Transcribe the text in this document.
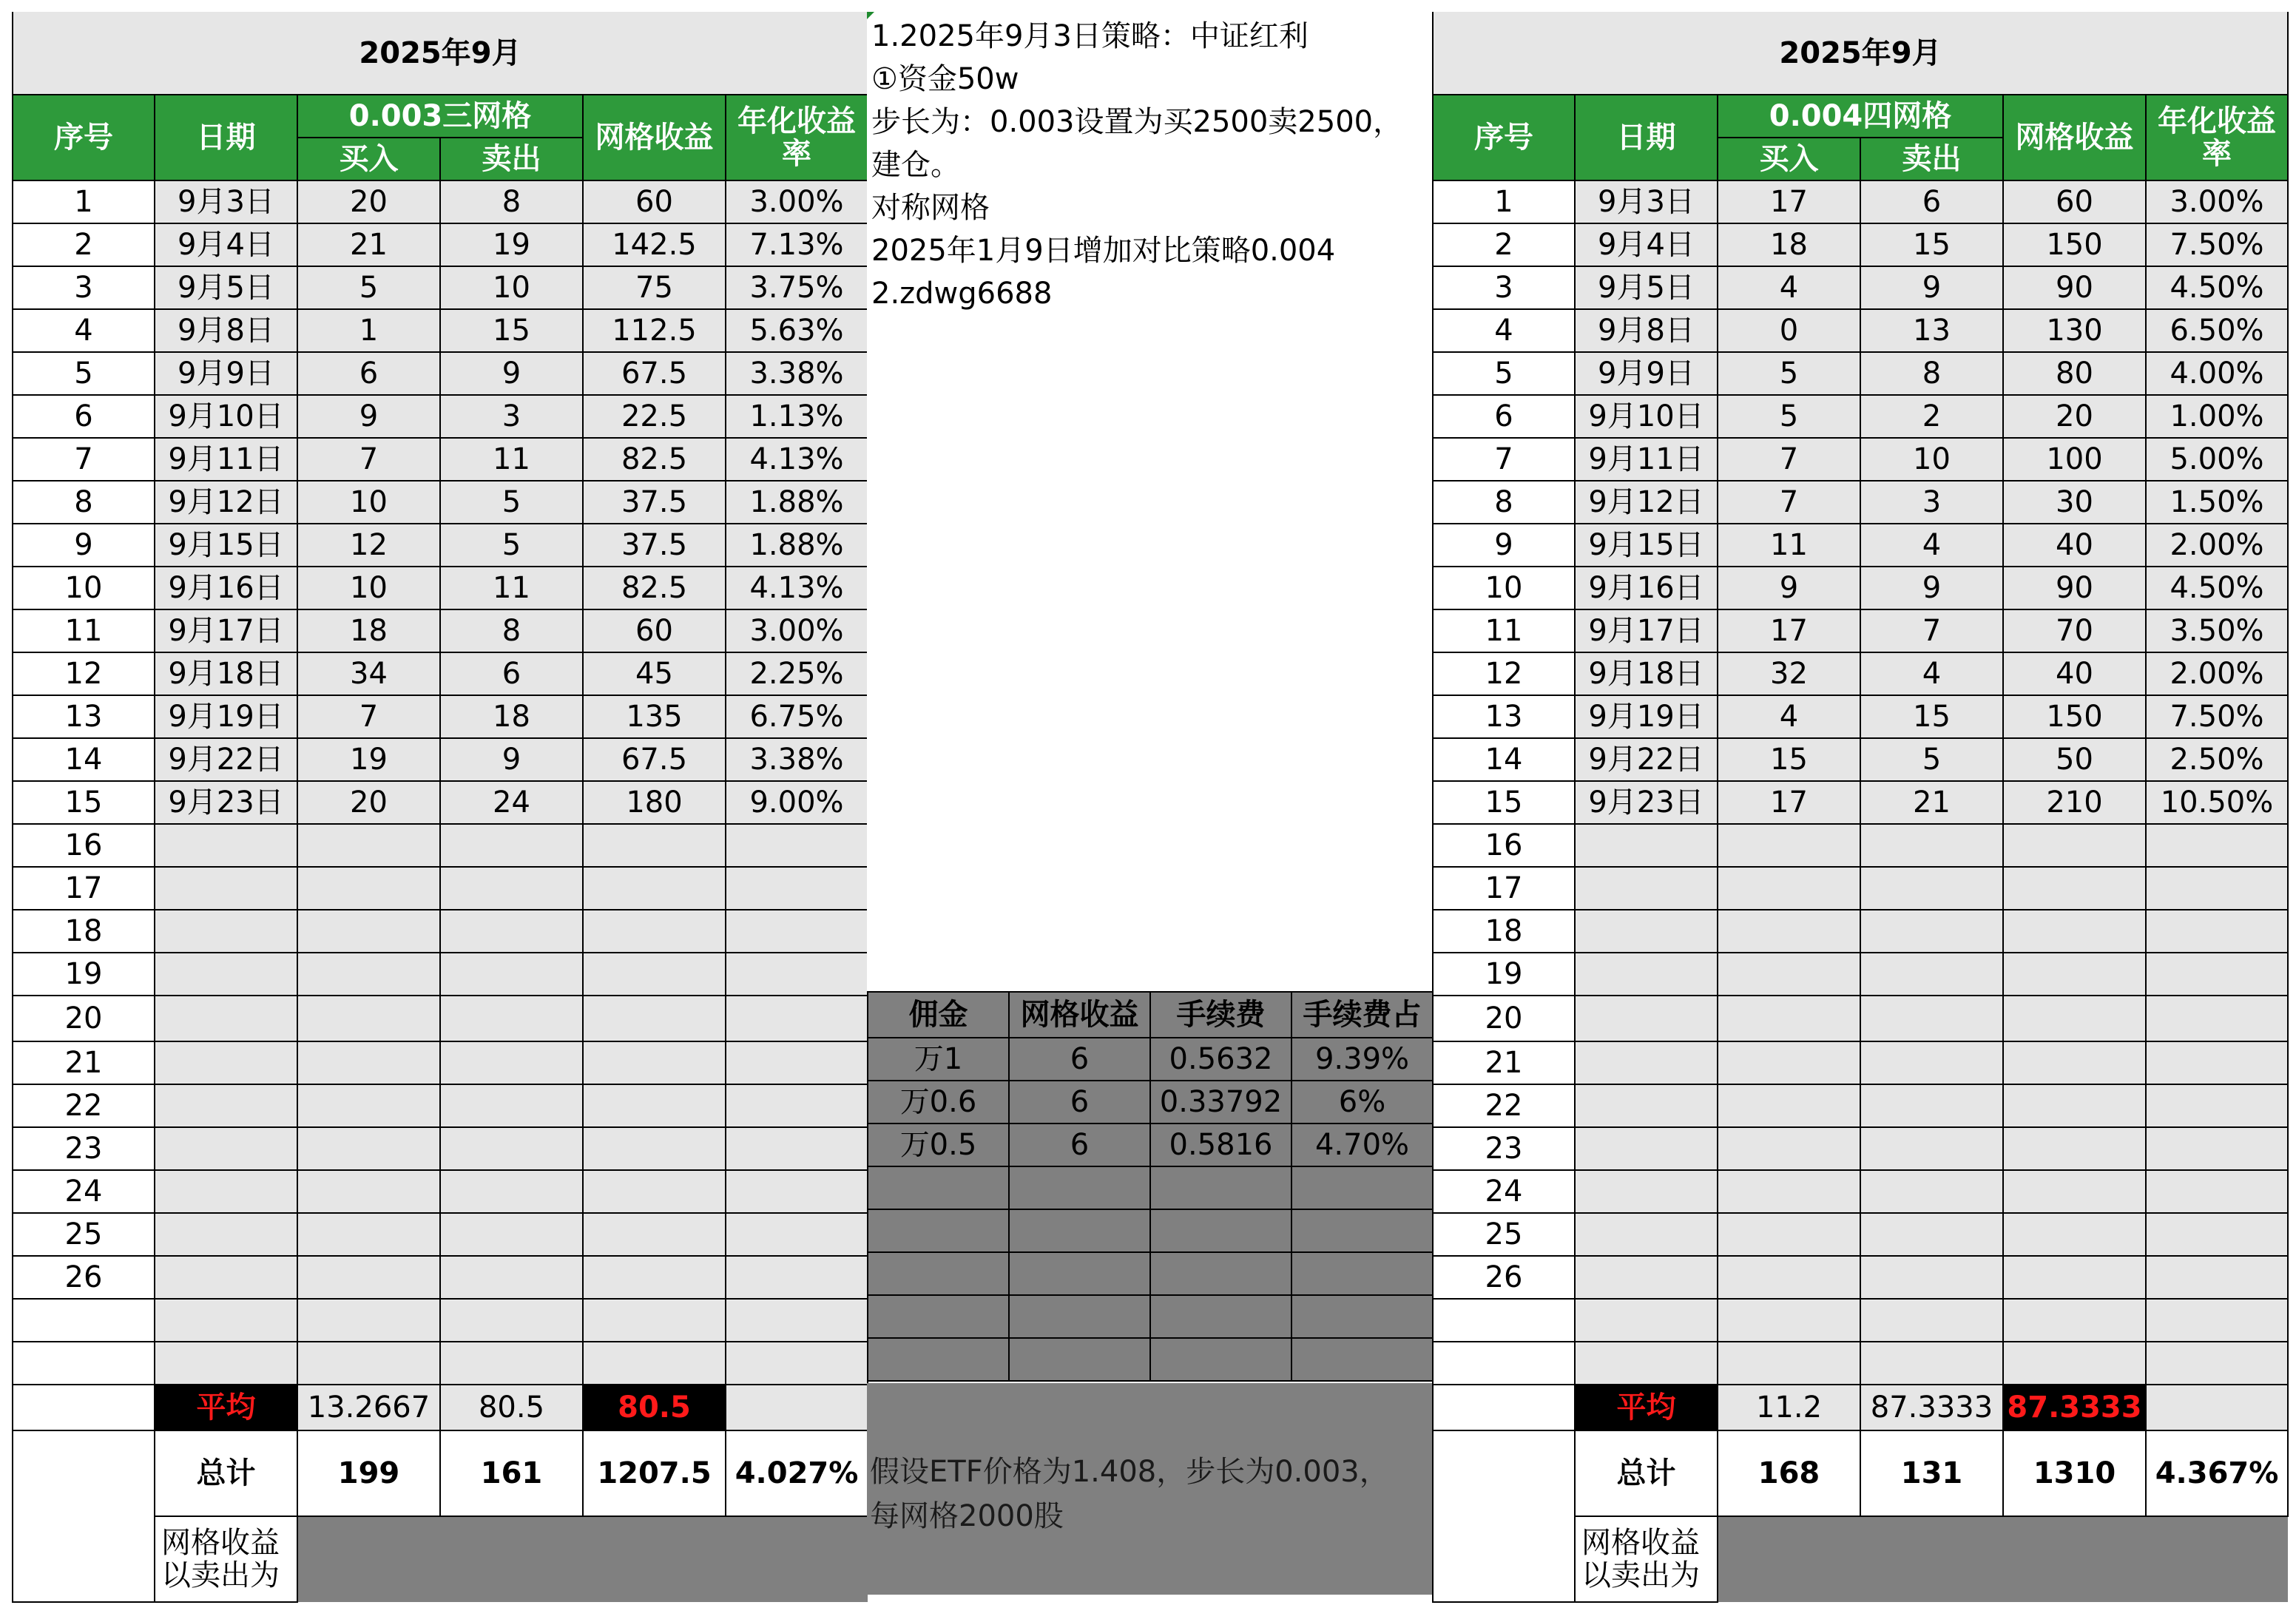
2025年9月					
序号	日期	0.003三网格		网格收益	年化收益率
		买入	卖出		
1	9月3日	20	8	60	3.00%
2	9月4日	21	19	142.5	7.13%
3	9月5日	5	10	75	3.75%
4	9月8日	1	15	112.5	5.63%
5	9月9日	6	9	67.5	3.38%
6	9月10日	9	3	22.5	1.13%
7	9月11日	7	11	82.5	4.13%
8	9月12日	10	5	37.5	1.88%
9	9月15日	12	5	37.5	1.88%
10	9月16日	10	11	82.5	4.13%
11	9月17日	18	8	60	3.00%
12	9月18日	34	6	45	2.25%
13	9月19日	7	18	135	6.75%
14	9月22日	19	9	67.5	3.38%
15	9月23日	20	24	180	9.00%
16					
17					
18					
19					
20					
21					
22					
23					
24					
25					
26					

	平均	13.2667	80.5	80.5	
	总计	199	161	1207.5	4.027%
	网格收益以卖出为				
2025年9月					
序号	日期	0.004四网格		网格收益	年化收益率
		买入	卖出		
1	9月3日	17	6	60	3.00%
2	9月4日	18	15	150	7.50%
3	9月5日	4	9	90	4.50%
4	9月8日	0	13	130	6.50%
5	9月9日	5	8	80	4.00%
6	9月10日	5	2	20	1.00%
7	9月11日	7	10	100	5.00%
8	9月12日	7	3	30	1.50%
9	9月15日	11	4	40	2.00%
10	9月16日	9	9	90	4.50%
11	9月17日	17	7	70	3.50%
12	9月18日	32	4	40	2.00%
13	9月19日	4	15	150	7.50%
14	9月22日	15	5	50	2.50%
15	9月23日	17	21	210	10.50%
16					
17					
18					
19					
20					
21					
22					
23					
24					
25					
26					

	平均	11.2	87.3333	87.3333	
	总计	168	131	1310	4.367%
	网格收益以卖出为				
1.2025年9月3日策略：中证红利
①资金50w
步长为：0.003设置为买2500卖2500，建仓。
对称网格
2025年1月9日增加对比策略0.004
2.zdwg6688
佣金	网格收益	手续费	手续费占
万1	6	0.5632	9.39%
万0.6	6	0.33792	6%
万0.5	6	0.5816	4.70%

假设ETF价格为1.408，步长为0.003，
每网格2000股
